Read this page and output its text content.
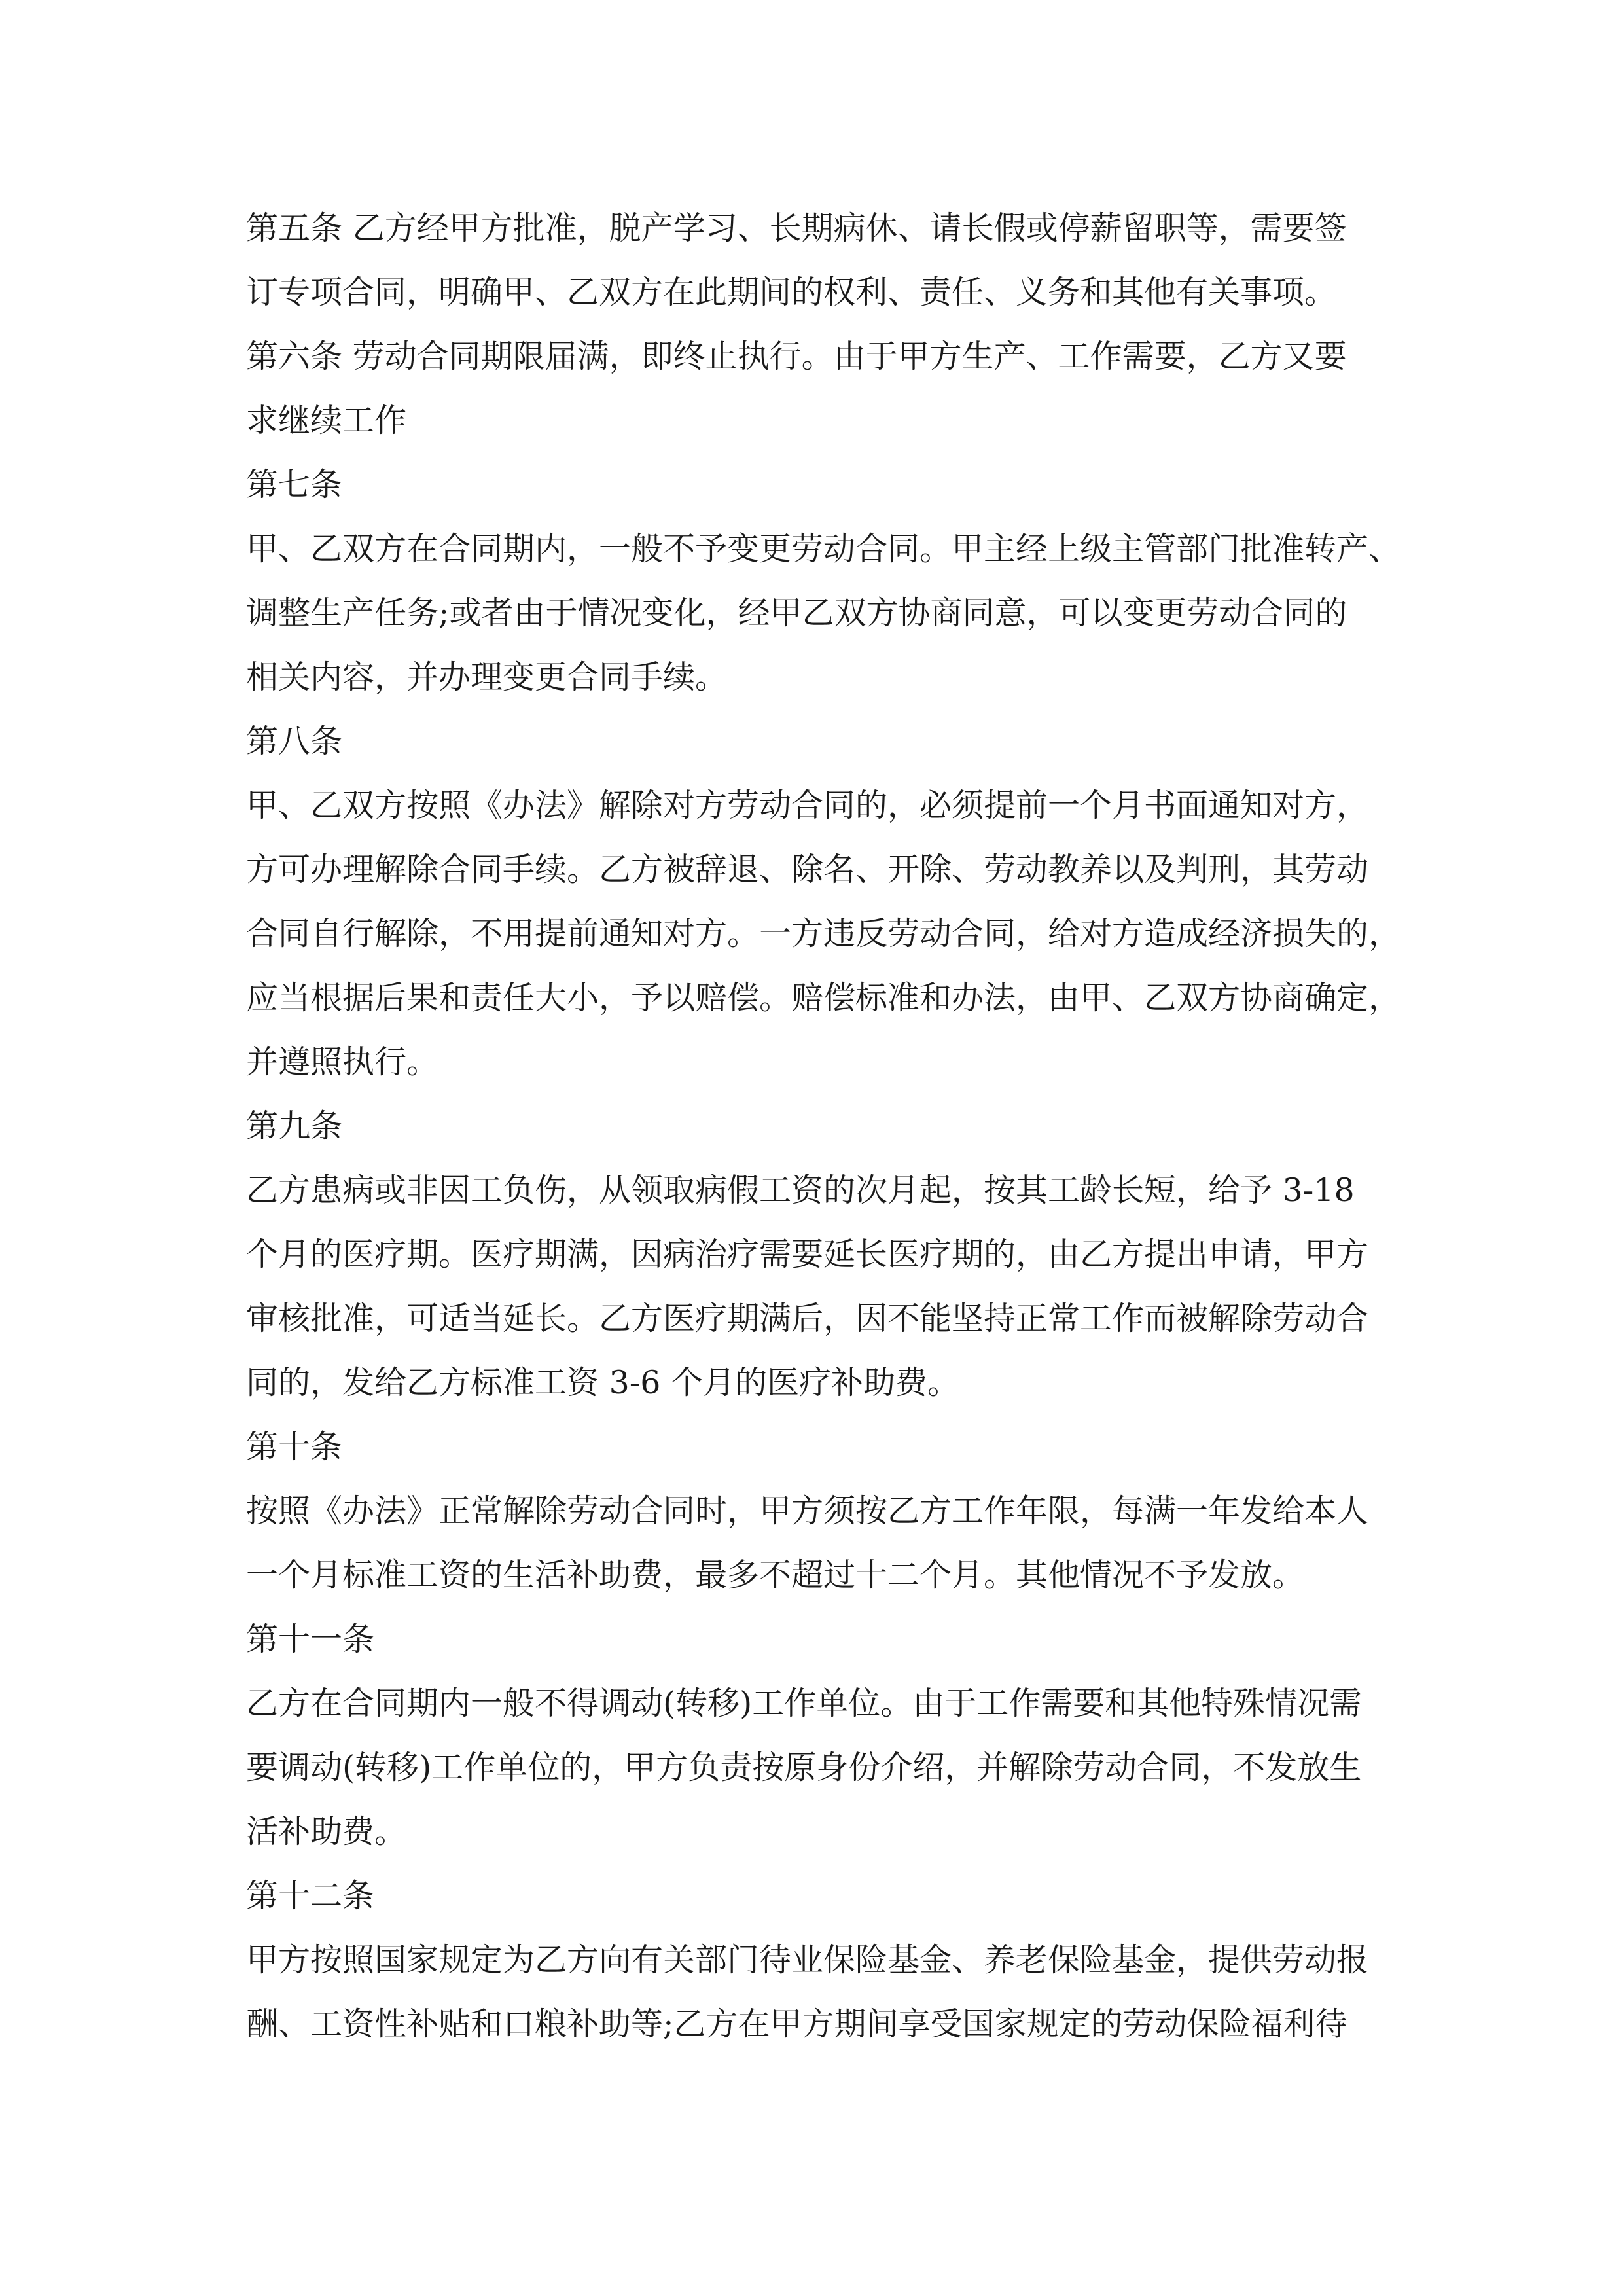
第五条 乙方经甲方批准，脱产学习、长期病休、请长假或停薪留职等，需要签
订专项合同，明确甲、乙双方在此期间的权利、责任、义务和其他有关事项。
第六条 劳动合同期限届满，即终止执行。由于甲方生产、工作需要，乙方又要
求继续工作
第七条
甲、乙双方在合同期内，一般不予变更劳动合同。甲主经上级主管部门批准转产、
调整生产任务;或者由于情况变化，经甲乙双方协商同意，可以变更劳动合同的
相关内容，并办理变更合同手续。
第八条
甲、乙双方按照《办法》解除对方劳动合同的，必须提前一个月书面通知对方，
方可办理解除合同手续。乙方被辞退、除名、开除、劳动教养以及判刑，其劳动
合同自行解除，不用提前通知对方。一方违反劳动合同，给对方造成经济损失的，
应当根据后果和责任大小，予以赔偿。赔偿标准和办法，由甲、乙双方协商确定，
并遵照执行。
第九条
乙方患病或非因工负伤，从领取病假工资的次月起，按其工龄长短，给予 3-18
个月的医疗期。医疗期满，因病治疗需要延长医疗期的，由乙方提出申请，甲方
审核批准，可适当延长。乙方医疗期满后，因不能坚持正常工作而被解除劳动合
同的，发给乙方标准工资 3-6 个月的医疗补助费。
第十条
按照《办法》正常解除劳动合同时，甲方须按乙方工作年限，每满一年发给本人
一个月标准工资的生活补助费，最多不超过十二个月。其他情况不予发放。
第十一条
乙方在合同期内一般不得调动(转移)工作单位。由于工作需要和其他特殊情况需
要调动(转移)工作单位的，甲方负责按原身份介绍，并解除劳动合同，不发放生
活补助费。
第十二条
甲方按照国家规定为乙方向有关部门待业保险基金、养老保险基金，提供劳动报
酬、工资性补贴和口粮补助等;乙方在甲方期间享受国家规定的劳动保险福利待
